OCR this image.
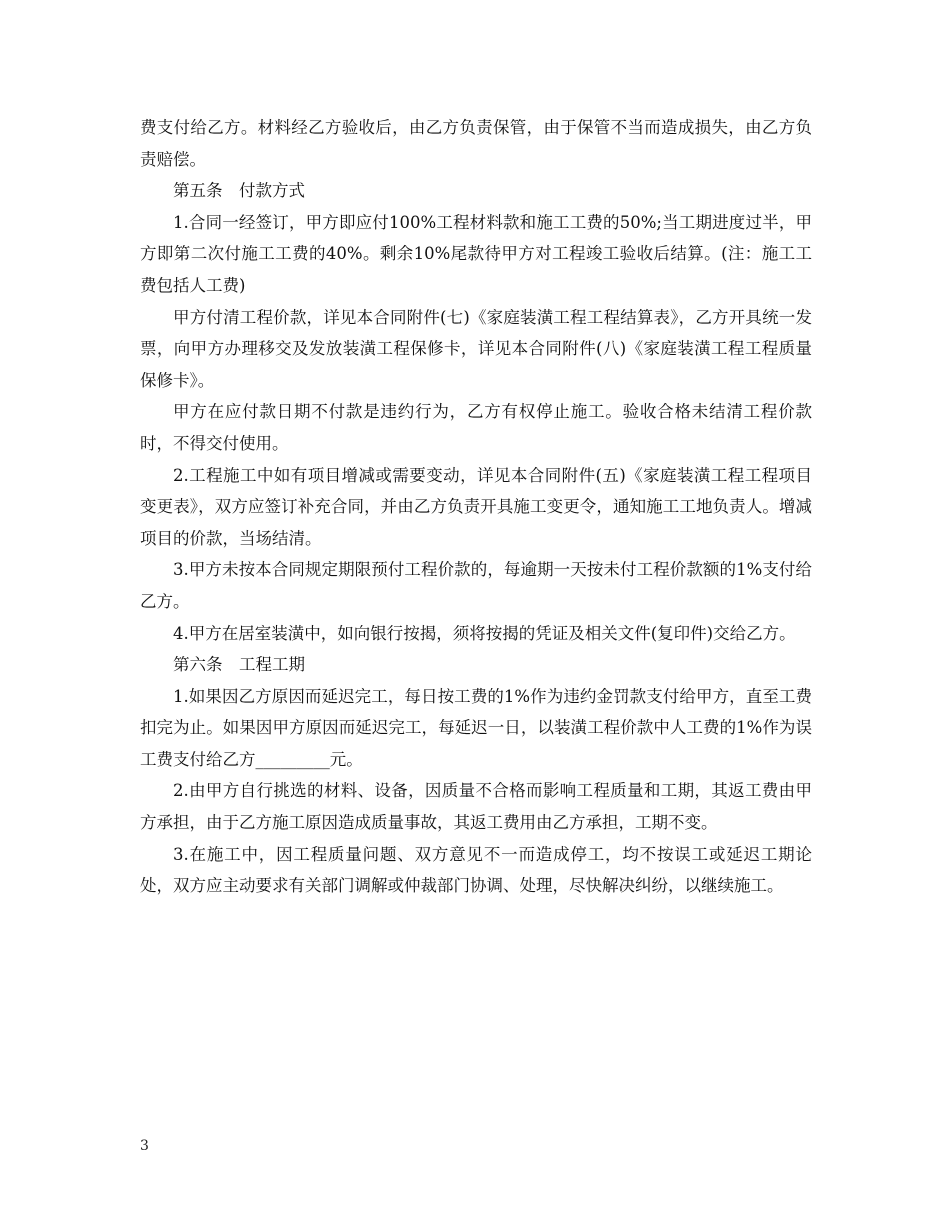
费支付给乙方。材料经乙方验收后，由乙方负责保管，由于保管不当而造成损失，由乙方负责赔偿。

第五条　付款方式

1.合同一经签订，甲方即应付100%工程材料款和施工工费的50%;当工期进度过半，甲方即第二次付施工工费的40%。剩余10%尾款待甲方对工程竣工验收后结算。(注：施工工费包括人工费)

甲方付清工程价款，详见本合同附件(七)《家庭装潢工程工程结算表》，乙方开具统一发票，向甲方办理移交及发放装潢工程保修卡，详见本合同附件(八)《家庭装潢工程工程质量保修卡》。

甲方在应付款日期不付款是违约行为，乙方有权停止施工。验收合格未结清工程价款时，不得交付使用。

2.工程施工中如有项目增减或需要变动，详见本合同附件(五)《家庭装潢工程工程项目变更表》，双方应签订补充合同，并由乙方负责开具施工变更令，通知施工工地负责人。增减项目的价款，当场结清。

3.甲方未按本合同规定期限预付工程价款的，每逾期一天按未付工程价款额的1%支付给乙方。

4.甲方在居室装潢中，如向银行按揭，须将按揭的凭证及相关文件(复印件)交给乙方。

第六条　工程工期

1.如果因乙方原因而延迟完工，每日按工费的1%作为违约金罚款支付给甲方，直至工费扣完为止。如果因甲方原因而延迟完工，每延迟一日，以装潢工程价款中人工费的1%作为误工费支付给乙方_________元。

2.由甲方自行挑选的材料、设备，因质量不合格而影响工程质量和工期，其返工费由甲方承担，由于乙方施工原因造成质量事故，其返工费用由乙方承担，工期不变。

3.在施工中，因工程质量问题、双方意见不一而造成停工，均不按误工或延迟工期论处，双方应主动要求有关部门调解或仲裁部门协调、处理，尽快解决纠纷，以继续施工。

3
